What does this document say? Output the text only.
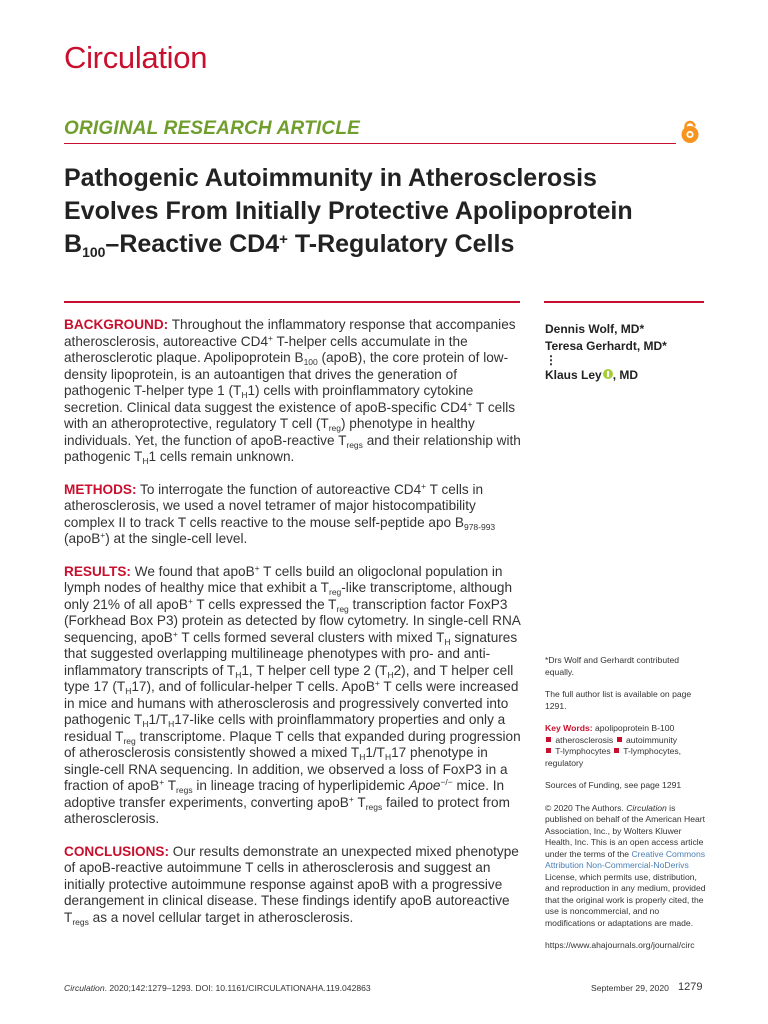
Circulation
ORIGINAL RESEARCH ARTICLE
Pathogenic Autoimmunity in Atherosclerosis
Evolves From Initially Protective Apolipoprotein
$B_{100}$–Reactive CD4+ T-Regulatory Cells

BACKGROUND: Throughout the inflammatory response that accompanies atherosclerosis, autoreactive CD4+ T-helper cells accumulate in the atherosclerotic plaque. Apolipoprotein $B_{100}$ (apoB), the core protein of low-density lipoprotein, is an autoantigen that drives the generation of pathogenic T-helper type 1 $(T_H1)$ cells with proinflammatory cytokine secretion. Clinical data suggest the existence of apoB-specific CD4+ T cells with an atheroprotective, regulatory T cell $(T_{reg})$ phenotype in healthy individuals. Yet, the function of apoB-reactive $T_{regs}$ and their relationship with pathogenic $T_H1$ cells remain unknown.

METHODS: To interrogate the function of autoreactive CD4+ T cells in atherosclerosis, we used a novel tetramer of major histocompatibility complex II to track T cells reactive to the mouse self-peptide apo $B_{978-993}$ (apoB+) at the single-cell level.

RESULTS: We found that apoB+ T cells build an oligoclonal population in lymph nodes of healthy mice that exhibit a $T_{reg}$-like transcriptome, although only 21% of all apoB+ T cells expressed the $T_{reg}$ transcription factor FoxP3 (Forkhead Box P3) protein as detected by flow cytometry. In single-cell RNA sequencing, apoB+ T cells formed several clusters with mixed $T_H$ signatures that suggested overlapping multilineage phenotypes with pro- and anti-inflammatory transcripts of $T_H1$, T helper cell type 2 $(T_H2)$, and T helper cell type 17 $(T_H17)$, and of follicular-helper T cells. ApoB+ T cells were increased in mice and humans with atherosclerosis and progressively converted into pathogenic $T_H1/T_H17$-like cells with proinflammatory properties and only a residual $T_{reg}$ transcriptome. Plaque T cells that expanded during progression of atherosclerosis consistently showed a mixed $T_H1/T_H17$ phenotype in single-cell RNA sequencing. In addition, we observed a loss of FoxP3 in a fraction of apoB+ $T_{regs}$ in lineage tracing of hyperlipidemic Apoe−/− mice. In adoptive transfer experiments, converting apoB+ $T_{regs}$ failed to protect from atherosclerosis.

CONCLUSIONS: Our results demonstrate an unexpected mixed phenotype of apoB-reactive autoimmune T cells in atherosclerosis and suggest an initially protective autoimmune response against apoB with a progressive derangement in clinical disease. These findings identify apoB autoreactive $T_{regs}$ as a novel cellular target in atherosclerosis.

Dennis Wolf, MD*
Teresa Gerhardt, MD*
⋮
Klaus Ley , MD

*Drs Wolf and Gerhardt contributed equally.

The full author list is available on page 1291.

Key Words: apolipoprotein B-100
atherosclerosis  autoimmunity
T-lymphocytes  T-lymphocytes, regulatory

Sources of Funding, see page 1291

© 2020 The Authors. Circulation is published on behalf of the American Heart Association, Inc., by Wolters Kluwer Health, Inc. This is an open access article under the terms of the Creative Commons Attribution Non-Commercial-NoDerivs License, which permits use, distribution, and reproduction in any medium, provided that the original work is properly cited, the use is noncommercial, and no modifications or adaptations are made.

https://www.ahajournals.org/journal/circ

Circulation. 2020;142:1279–1293. DOI: 10.1161/CIRCULATIONAHA.119.042863	September 29, 2020 1279
